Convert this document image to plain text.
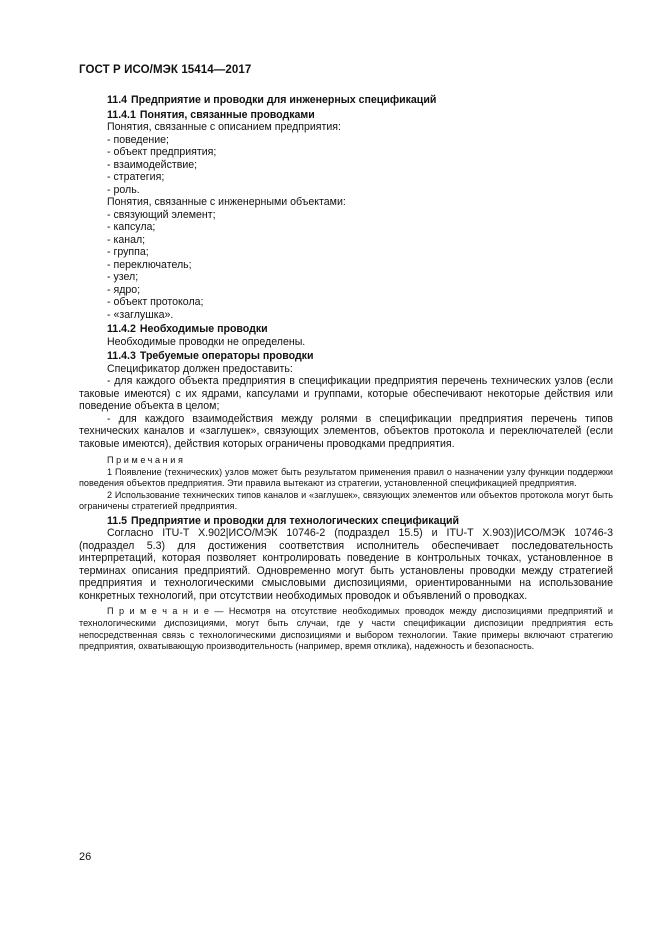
ГОСТ Р ИСО/МЭК 15414—2017

11.4 Предприятие и проводки для инженерных спецификаций

11.4.1 Понятия, связанные проводками

Понятия, связанные с описанием предприятия:

- поведение;

- объект предприятия;

- взаимодействие;

- стратегия;

- роль.

Понятия, связанные с инженерными объектами:

- связующий элемент;

- капсула;

- канал;

- группа;

- переключатель;

- узел;

- ядро;

- объект протокола;

- «заглушка».

11.4.2 Необходимые проводки

Необходимые проводки не определены.

11.4.3 Требуемые операторы проводки

Спецификатор должен предоставить:

- для каждого объекта предприятия в спецификации предприятия перечень технических узлов (если таковые имеются) с их ядрами, капсулами и группами, которые обеспечивают некоторые действия или поведение объекта в целом;

- для каждого взаимодействия между ролями в спецификации предприятия перечень типов технических каналов и «заглушек», связующих элементов, объектов протокола и переключателей (если таковые имеются), действия которых ограничены проводками предприятия.

Примечания

1 Появление (технических) узлов может быть результатом применения правил о назначении узлу функции поддержки поведения объектов предприятия. Эти правила вытекают из стратегии, установленной спецификацией предприятия.

2 Использование технических типов каналов и «заглушек», связующих элементов или объектов протокола могут быть ограничены стратегией предприятия.

11.5 Предприятие и проводки для технологических спецификаций

Согласно ITU-T X.902|ИСО/МЭК 10746-2 (подраздел 15.5) и ITU-T X.903)|ИСО/МЭК 10746-3 (подраздел 5.3) для достижения соответствия исполнитель обеспечивает последовательность интерпретаций, которая позволяет контролировать поведение в контрольных точках, установленное в терминах описания предприятий. Одновременно могут быть установлены проводки между стратегией предприятия и технологическими смысловыми диспозициями, ориентированными на использование конкретных технологий, при отсутствии необходимых проводок и объявлений о проводках.

П р и м е ч а н и е — Несмотря на отсутствие необходимых проводок между диспозициями предприятий и технологическими диспозициями, могут быть случаи, где у части спецификации диспозиции предприятия есть непосредственная связь с технологическими диспозициями и выбором технологии. Такие примеры включают стратегию предприятия, охватывающую производительность (например, время отклика), надежность и безопасность.

26
